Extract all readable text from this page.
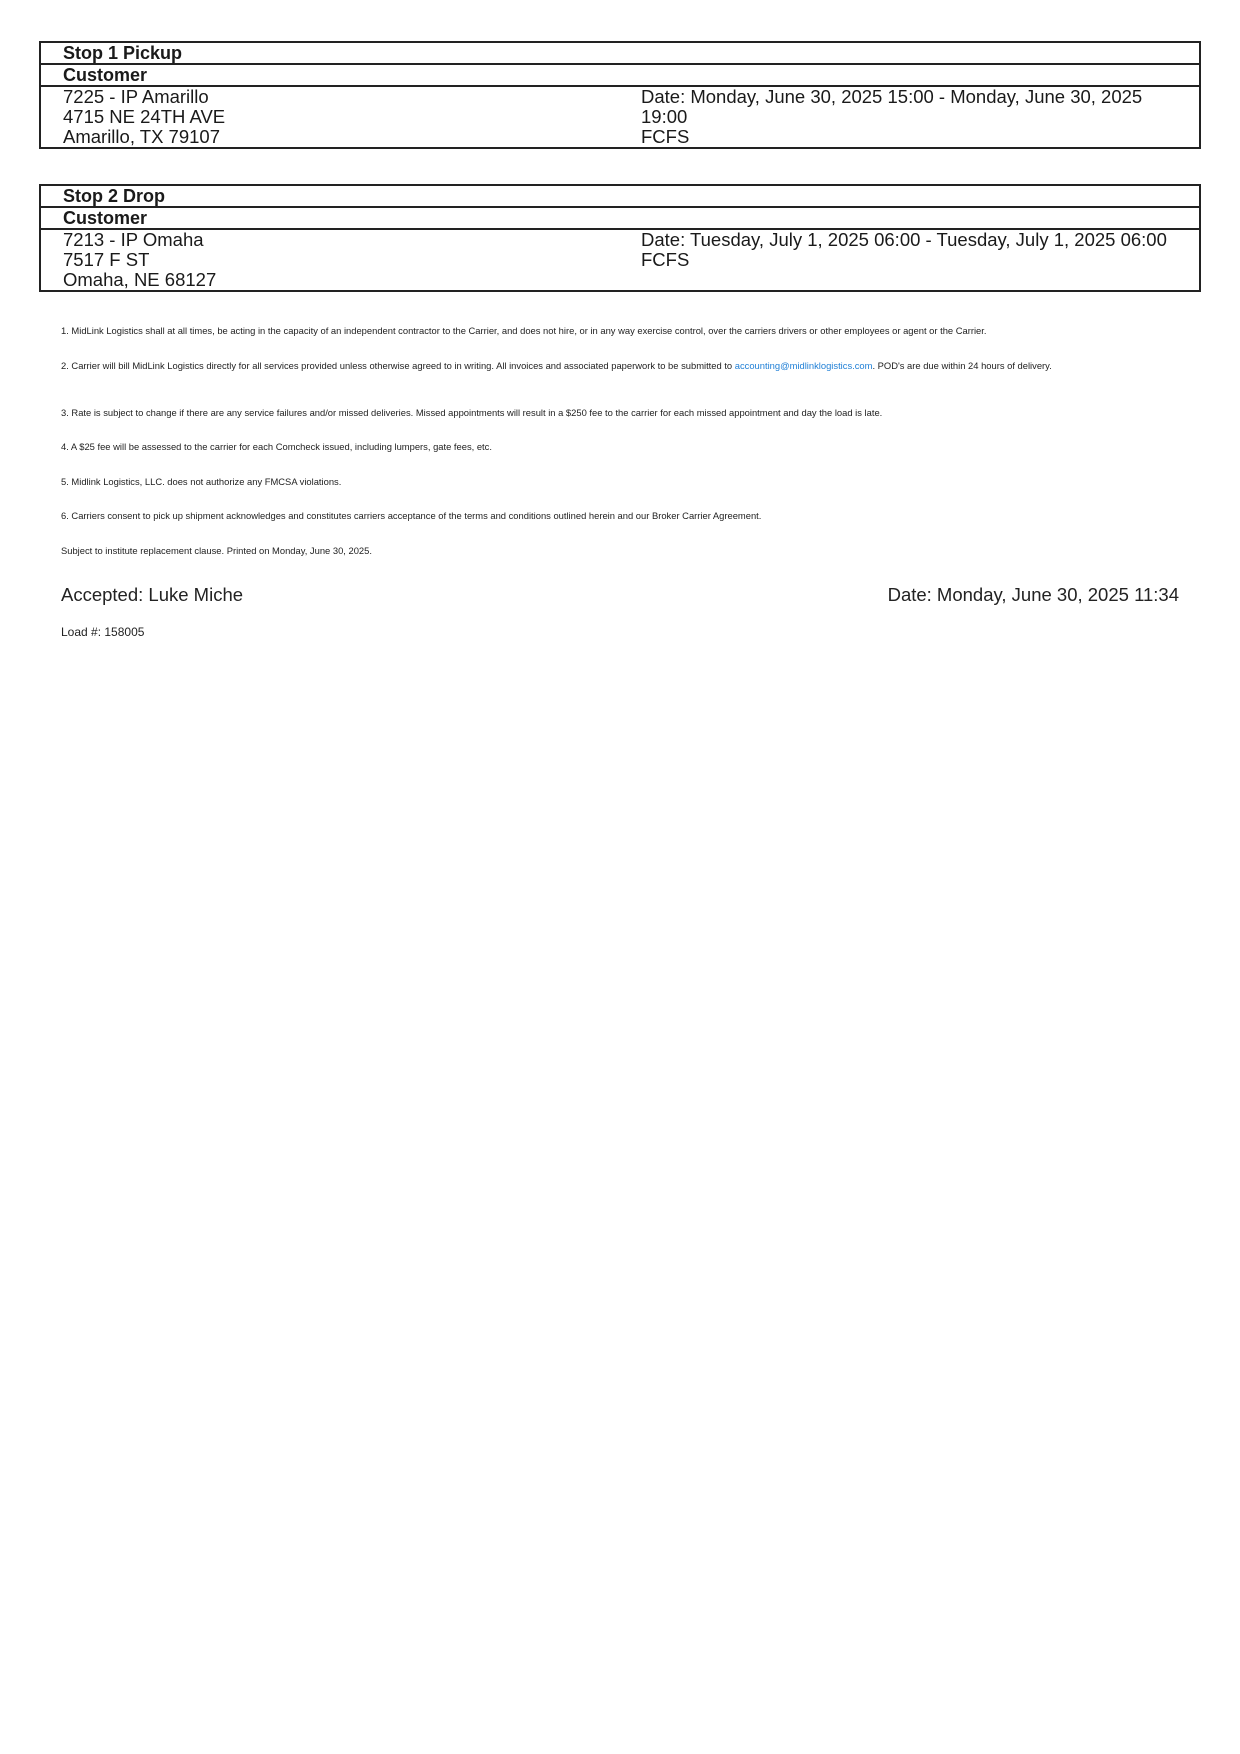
Stop 1 Pickup
Customer
7225 - IP Amarillo
4715 NE 24TH AVE
Amarillo, TX 79107
Date: Monday, June 30, 2025 15:00 - Monday, June 30, 2025 19:00
FCFS
Stop 2 Drop
Customer
7213 - IP Omaha
7517 F ST
Omaha, NE 68127
Date: Tuesday, July 1, 2025 06:00 - Tuesday, July 1, 2025 06:00
FCFS

1. MidLink Logistics shall at all times, be acting in the capacity of an independent contractor to the Carrier, and does not hire, or in any way exercise control, over the carriers drivers or other employees or agent or the Carrier.

2. Carrier will bill MidLink Logistics directly for all services provided unless otherwise agreed to in writing. All invoices and associated paperwork to be submitted to accounting@midlinklogistics.com. POD's are due within 24 hours of delivery.

3. Rate is subject to change if there are any service failures and/or missed deliveries. Missed appointments will result in a $250 fee to the carrier for each missed appointment and day the load is late.

4. A $25 fee will be assessed to the carrier for each Comcheck issued, including lumpers, gate fees, etc.

5. Midlink Logistics, LLC. does not authorize any FMCSA violations.

6. Carriers consent to pick up shipment acknowledges and constitutes carriers acceptance of the terms and conditions outlined herein and our Broker Carrier Agreement.

Subject to institute replacement clause. Printed on Monday, June 30, 2025.

Accepted: Luke Miche	Date: Monday, June 30, 2025 11:34
Load #: 158005
